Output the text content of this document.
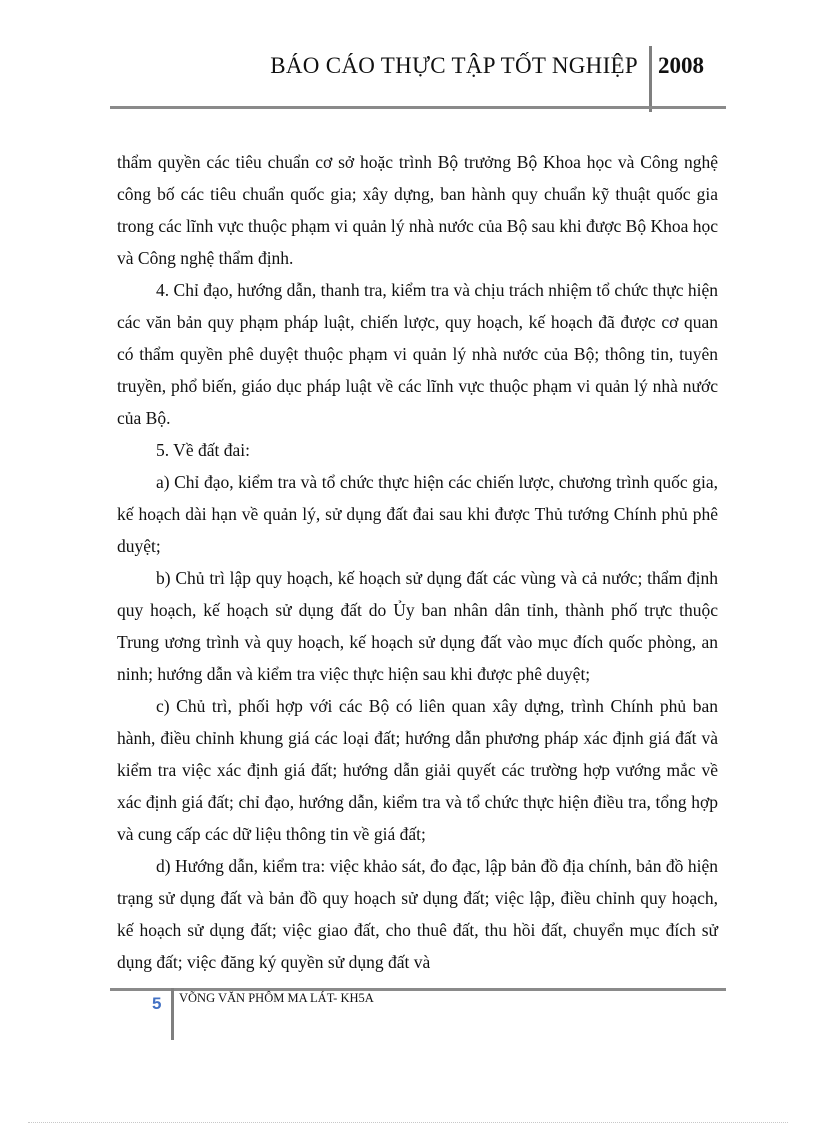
BÁO CÁO THỰC TẬP TỐT NGHIỆP 2008

thẩm quyền các tiêu chuẩn cơ sở hoặc trình Bộ trưởng Bộ Khoa học và Công nghệ công bố các tiêu chuẩn quốc gia; xây dựng, ban hành quy chuẩn kỹ thuật quốc gia trong các lĩnh vực thuộc phạm vi quản lý nhà nước của Bộ sau khi được Bộ Khoa học và Công nghệ thẩm định.

4. Chỉ đạo, hướng dẫn, thanh tra, kiểm tra và chịu trách nhiệm tổ chức thực hiện các văn bản quy phạm pháp luật, chiến lược, quy hoạch, kế hoạch đã được cơ quan có thẩm quyền phê duyệt thuộc phạm vi quản lý nhà nước của Bộ; thông tin, tuyên truyền, phổ biến, giáo dục pháp luật về các lĩnh vực thuộc phạm vi quản lý nhà nước của Bộ.

5. Về đất đai:

a) Chỉ đạo, kiểm tra và tổ chức thực hiện các chiến lược, chương trình quốc gia, kế hoạch dài hạn về quản lý, sử dụng đất đai sau khi được Thủ tướng Chính phủ phê duyệt;

b) Chủ trì lập quy hoạch, kế hoạch sử dụng đất các vùng và cả nước; thẩm định quy hoạch, kế hoạch sử dụng đất do Ủy ban nhân dân tỉnh, thành phố trực thuộc Trung ương trình và quy hoạch, kế hoạch sử dụng đất vào mục đích quốc phòng, an ninh; hướng dẫn và kiểm tra việc thực hiện sau khi được phê duyệt;

c) Chủ trì, phối hợp với các Bộ có liên quan xây dựng, trình Chính phủ ban hành, điều chỉnh khung giá các loại đất; hướng dẫn phương pháp xác định giá đất và kiểm tra việc xác định giá đất; hướng dẫn giải quyết các trường hợp vướng mắc về xác định giá đất; chỉ đạo, hướng dẫn, kiểm tra và tổ chức thực hiện điều tra, tổng hợp và cung cấp các dữ liệu thông tin về giá đất;

d) Hướng dẫn, kiểm tra: việc khảo sát, đo đạc, lập bản đồ địa chính, bản đồ hiện trạng sử dụng đất và bản đồ quy hoạch sử dụng đất; việc lập, điều chỉnh quy hoạch, kế hoạch sử dụng đất; việc giao đất, cho thuê đất, thu hồi đất, chuyển mục đích sử dụng đất; việc đăng ký quyền sử dụng đất và

5 VÕNG VĂN PHÔM MA LÁT- KH5A
